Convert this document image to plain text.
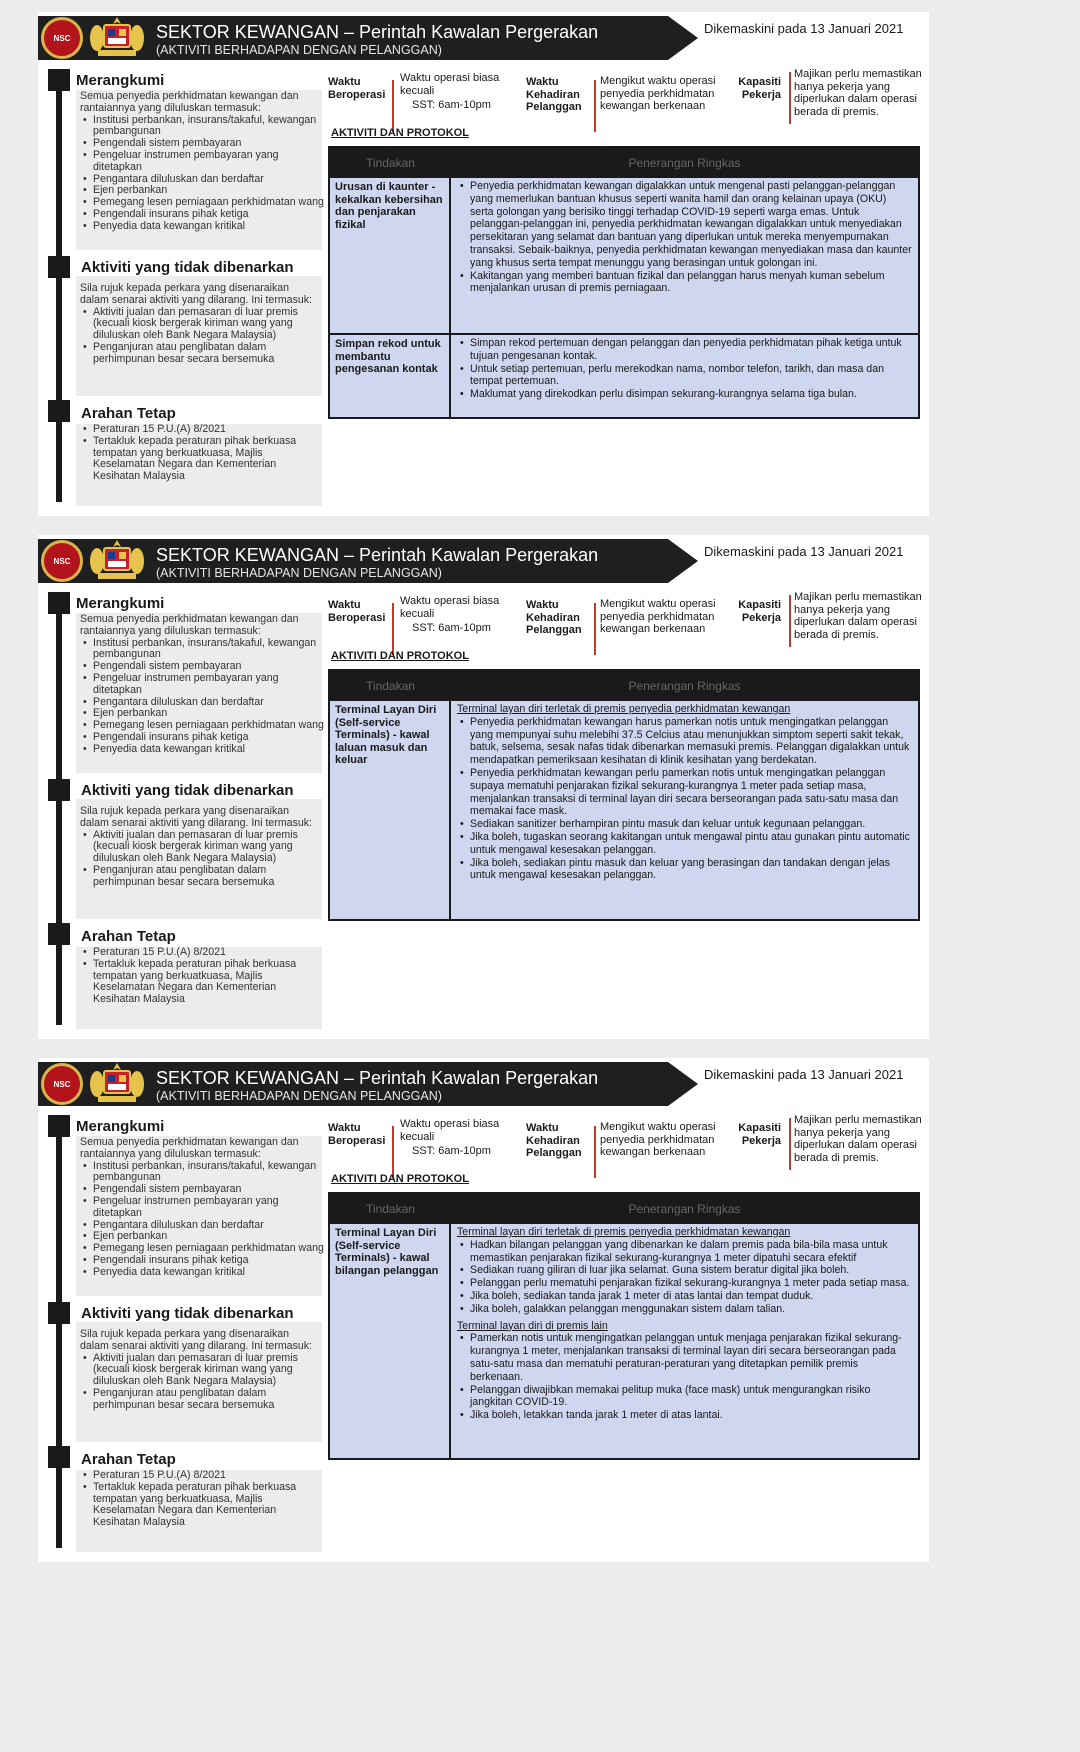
NSC	SEKTOR KEWANGAN – Perintah Kawalan Pergerakan
(AKTIVITI BERHADAPAN DENGAN PELANGGAN)
Dikemaskini pada 13 Januari 2021
Merangkumi
Semua penyedia perkhidmatan kewangan dan rantaiannya yang diluluskan termasuk:
• Institusi perbankan, insurans/takaful, kewangan pembangunan
• Pengendali sistem pembayaran
• Pengeluar instrumen pembayaran yang ditetapkan
• Pengantara diluluskan dan berdaftar
• Ejen perbankan
• Pemegang lesen perniagaan perkhidmatan wang
• Pengendali insurans pihak ketiga
• Penyedia data kewangan kritikal
Aktiviti yang tidak dibenarkan
Sila rujuk kepada perkara yang disenaraikan dalam senarai aktiviti yang dilarang. Ini termasuk:
• Aktiviti jualan dan pemasaran di luar premis (kecuali kiosk bergerak kiriman wang yang diluluskan oleh Bank Negara Malaysia)
• Penganjuran atau penglibatan dalam perhimpunan besar secara bersemuka
Arahan Tetap
• Peraturan 15 P.U.(A) 8/2021
• Tertakluk kepada peraturan pihak berkuasa tempatan yang berkuatkuasa, Majlis Keselamatan Negara dan Kementerian Kesihatan Malaysia
Waktu Beroperasi
Waktu operasi biasa kecuali
SST: 6am-10pm
Waktu Kehadiran Pelanggan
Mengikut waktu operasi penyedia perkhidmatan kewangan berkenaan
Kapasiti Pekerja
Majikan perlu memastikan hanya pekerja yang diperlukan dalam operasi berada di premis.
AKTIVITI DAN PROTOKOL
Tindakan	Penerangan Ringkas
Urusan di kaunter - kekalkan kebersihan dan penjarakan fizikal
• Penyedia perkhidmatan kewangan digalakkan untuk mengenal pasti pelanggan-pelanggan yang memerlukan bantuan khusus seperti wanita hamil dan orang kelainan upaya (OKU) serta golongan yang berisiko tinggi terhadap COVID-19 seperti warga emas. Untuk pelanggan-pelanggan ini, penyedia perkhidmatan kewangan digalakkan untuk menyediakan persekitaran yang selamat dan bantuan yang diperlukan untuk mereka menyempurnakan transaksi. Sebaik-baiknya, penyedia perkhidmatan kewangan menyediakan masa dan kaunter yang khusus serta tempat menunggu yang berasingan untuk golongan ini.
• Kakitangan yang memberi bantuan fizikal dan pelanggan harus menyah kuman sebelum menjalankan urusan di premis perniagaan.
Simpan rekod untuk membantu pengesanan kontak
• Simpan rekod pertemuan dengan pelanggan dan penyedia perkhidmatan pihak ketiga untuk tujuan pengesanan kontak.
• Untuk setiap pertemuan, perlu merekodkan nama, nombor telefon, tarikh, dan masa dan tempat pertemuan.
• Maklumat yang direkodkan perlu disimpan sekurang-kurangnya selama tiga bulan.
NSC	SEKTOR KEWANGAN – Perintah Kawalan Pergerakan
(AKTIVITI BERHADAPAN DENGAN PELANGGAN)
Dikemaskini pada 13 Januari 2021
Merangkumi
Semua penyedia perkhidmatan kewangan dan rantaiannya yang diluluskan termasuk:
• Institusi perbankan, insurans/takaful, kewangan pembangunan
• Pengendali sistem pembayaran
• Pengeluar instrumen pembayaran yang ditetapkan
• Pengantara diluluskan dan berdaftar
• Ejen perbankan
• Pemegang lesen perniagaan perkhidmatan wang
• Pengendali insurans pihak ketiga
• Penyedia data kewangan kritikal
Aktiviti yang tidak dibenarkan
Sila rujuk kepada perkara yang disenaraikan dalam senarai aktiviti yang dilarang. Ini termasuk:
• Aktiviti jualan dan pemasaran di luar premis (kecuali kiosk bergerak kiriman wang yang diluluskan oleh Bank Negara Malaysia)
• Penganjuran atau penglibatan dalam perhimpunan besar secara bersemuka
Arahan Tetap
• Peraturan 15 P.U.(A) 8/2021
• Tertakluk kepada peraturan pihak berkuasa tempatan yang berkuatkuasa, Majlis Keselamatan Negara dan Kementerian Kesihatan Malaysia
Waktu Beroperasi
Waktu operasi biasa kecuali
SST: 6am-10pm
Waktu Kehadiran Pelanggan
Mengikut waktu operasi penyedia perkhidmatan kewangan berkenaan
Kapasiti Pekerja
Majikan perlu memastikan hanya pekerja yang diperlukan dalam operasi berada di premis.
AKTIVITI DAN PROTOKOL
Tindakan	Penerangan Ringkas
Terminal Layan Diri (Self-service Terminals) - kawal laluan masuk dan keluar
Terminal layan diri terletak di premis penyedia perkhidmatan kewangan
• Penyedia perkhidmatan kewangan harus pamerkan notis untuk mengingatkan pelanggan yang mempunyai suhu melebihi 37.5 Celcius atau menunjukkan simptom seperti sakit tekak, batuk, selsema, sesak nafas tidak dibenarkan memasuki premis. Pelanggan digalakkan untuk mendapatkan pemeriksaan kesihatan di klinik kesihatan yang berdekatan.
• Penyedia perkhidmatan kewangan perlu pamerkan notis untuk mengingatkan pelanggan supaya mematuhi penjarakan fizikal sekurang-kurangnya 1 meter pada setiap masa, menjalankan transaksi di terminal layan diri secara berseorangan pada satu-satu masa dan memakai face mask.
• Sediakan sanitizer berhampiran pintu masuk dan keluar untuk kegunaan pelanggan.
• Jika boleh, tugaskan seorang kakitangan untuk mengawal pintu atau gunakan pintu automatic untuk mengawal kesesakan pelanggan.
• Jika boleh, sediakan pintu masuk dan keluar yang berasingan dan tandakan dengan jelas untuk mengawal kesesakan pelanggan.
NSC	SEKTOR KEWANGAN – Perintah Kawalan Pergerakan
(AKTIVITI BERHADAPAN DENGAN PELANGGAN)
Dikemaskini pada 13 Januari 2021
Merangkumi
Semua penyedia perkhidmatan kewangan dan rantaiannya yang diluluskan termasuk:
• Institusi perbankan, insurans/takaful, kewangan pembangunan
• Pengendali sistem pembayaran
• Pengeluar instrumen pembayaran yang ditetapkan
• Pengantara diluluskan dan berdaftar
• Ejen perbankan
• Pemegang lesen perniagaan perkhidmatan wang
• Pengendali insurans pihak ketiga
• Penyedia data kewangan kritikal
Aktiviti yang tidak dibenarkan
Sila rujuk kepada perkara yang disenaraikan dalam senarai aktiviti yang dilarang. Ini termasuk:
• Aktiviti jualan dan pemasaran di luar premis (kecuali kiosk bergerak kiriman wang yang diluluskan oleh Bank Negara Malaysia)
• Penganjuran atau penglibatan dalam perhimpunan besar secara bersemuka
Arahan Tetap
• Peraturan 15 P.U.(A) 8/2021
• Tertakluk kepada peraturan pihak berkuasa tempatan yang berkuatkuasa, Majlis Keselamatan Negara dan Kementerian Kesihatan Malaysia
Waktu Beroperasi
Waktu operasi biasa kecuali
SST: 6am-10pm
Waktu Kehadiran Pelanggan
Mengikut waktu operasi penyedia perkhidmatan kewangan berkenaan
Kapasiti Pekerja
Majikan perlu memastikan hanya pekerja yang diperlukan dalam operasi berada di premis.
AKTIVITI DAN PROTOKOL
Tindakan	Penerangan Ringkas
Terminal Layan Diri (Self-service Terminals) - kawal bilangan pelanggan
Terminal layan diri terletak di premis penyedia perkhidmatan kewangan
• Hadkan bilangan pelanggan yang dibenarkan ke dalam premis pada bila-bila masa untuk memastikan penjarakan fizikal sekurang-kurangnya 1 meter dipatuhi secara efektif
• Sediakan ruang giliran di luar jika selamat. Guna sistem beratur digital jika boleh.
• Pelanggan perlu mematuhi penjarakan fizikal sekurang-kurangnya 1 meter pada setiap masa.
• Jika boleh, sediakan tanda jarak 1 meter di atas lantai dan tempat duduk.
• Jika boleh, galakkan pelanggan menggunakan sistem dalam talian.
Terminal layan diri di premis lain
• Pamerkan notis untuk mengingatkan pelanggan untuk menjaga penjarakan fizikal sekurang-kurangnya 1 meter, menjalankan transaksi di terminal layan diri secara berseorangan pada satu-satu masa dan mematuhi peraturan-peraturan yang ditetapkan pemilik premis berkenaan.
• Pelanggan diwajibkan memakai pelitup muka (face mask) untuk mengurangkan risiko jangkitan COVID-19.
• Jika boleh, letakkan tanda jarak 1 meter di atas lantai.
